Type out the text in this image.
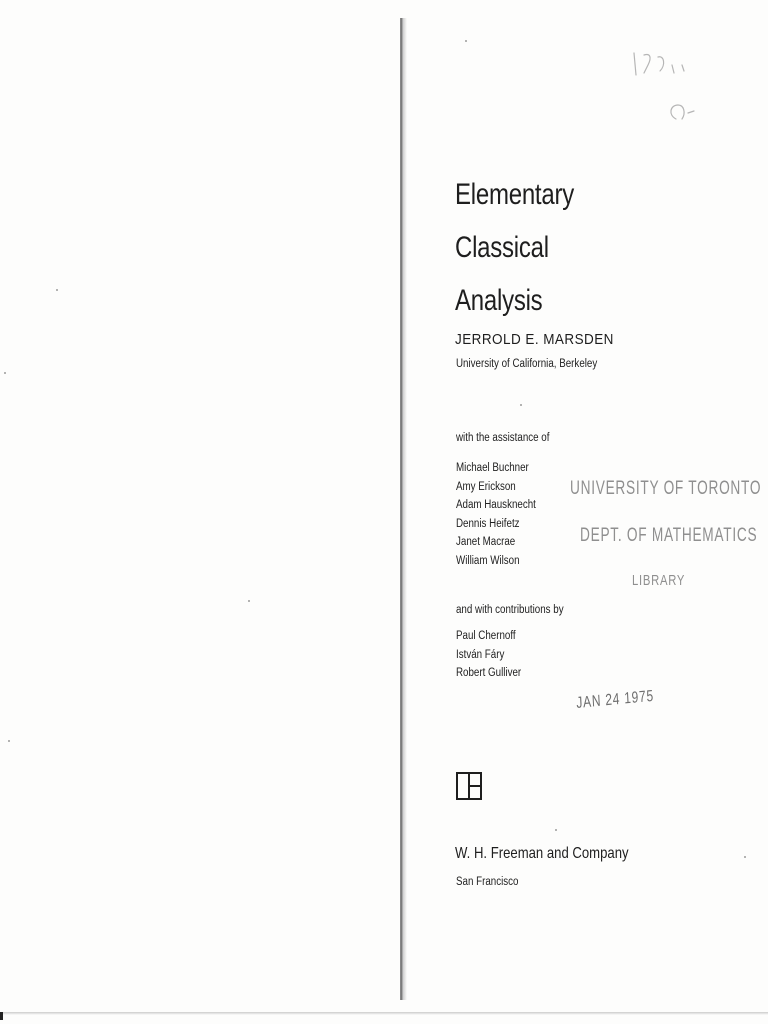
Elementary
Classical
Analysis
JERROLD E. MARSDEN
University of California, Berkeley
with the assistance of
Michael Buchner
Amy Erickson
Adam Hausknecht
Dennis Heifetz
Janet Macrae
William Wilson
and with contributions by
Paul Chernoff
István Fáry
Robert Gulliver
UNIVERSITY OF TORONTO
DEPT. OF MATHEMATICS
LIBRARY
JAN 24 1975
W. H. Freeman and Company
San Francisco
